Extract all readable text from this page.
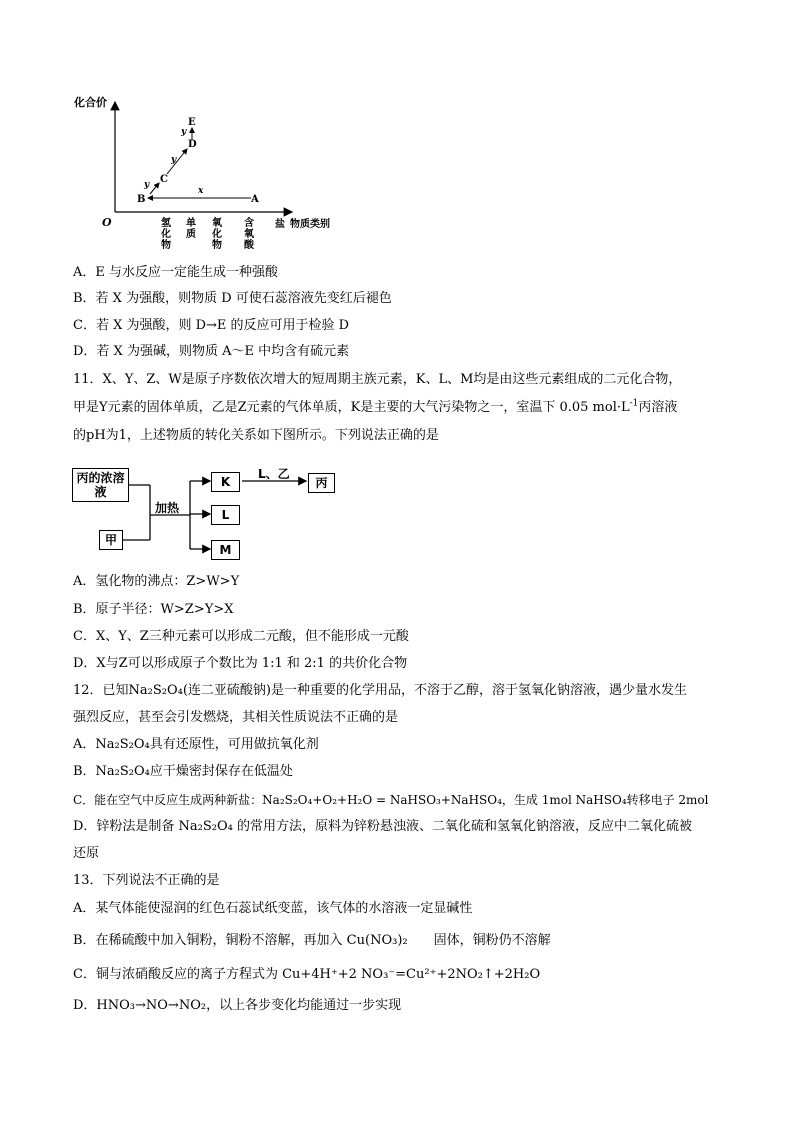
化合价
O	氢
化
物
单
质
氧
化
物
含
氧
酸
盐 物质类别
A
B
C
D
E
x
y
y
y
A．E 与水反应一定能生成一种强酸
B．若 X 为强酸，则物质 D 可使石蕊溶液先变红后褪色
C．若 X 为强酸，则 D→E 的反应可用于检验 D
D．若 X 为强碱，则物质 A～E 中均含有硫元素
11．X、Y、Z、W是原子序数依次增大的短周期主族元素，K、L、M均是由这些元素组成的二元化合物，
甲是Y元素的固体单质，乙是Z元素的气体单质，K是主要的大气污染物之一，室温下 0.05 $mol\cdot L^{-1}$丙溶液
的pH为1，上述物质的转化关系如下图所示。下列说法正确的是
丙的浓溶液
甲
加热
K
L
M
L、乙
丙
A．氢化物的沸点：Z>W>Y
B．原子半径：W>Z>Y>X
C．X、Y、Z三种元素可以形成二元酸，但不能形成一元酸
D．X与Z可以形成原子个数比为 1:1 和 2:1 的共价化合物
12．已知Na₂S₂O₄(连二亚硫酸钠)是一种重要的化学用品，不溶于乙醇，溶于氢氧化钠溶液，遇少量水发生
强烈反应，甚至会引发燃烧，其相关性质说法不正确的是
A．Na₂S₂O₄具有还原性，可用做抗氧化剂
B．Na₂S₂O₄应干燥密封保存在低温处
C．能在空气中反应生成两种新盐：Na₂S₂O₄+O₂+H₂O = NaHSO₃+NaHSO₄，生成 1mol NaHSO₄转移电子 2mol
D．锌粉法是制备 Na₂S₂O₄ 的常用方法，原料为锌粉悬浊液、二氧化硫和氢氧化钠溶液，反应中二氧化硫被
还原
13．下列说法不正确的是
A．某气体能使湿润的红色石蕊试纸变蓝，该气体的水溶液一定显碱性
B．在稀硫酸中加入铜粉，铜粉不溶解，再加入 Cu(NO₃)₂　　固体，铜粉仍不溶解
C．铜与浓硝酸反应的离子方程式为 Cu+4H⁺+2 NO₃⁻=Cu²⁺+2NO₂↑+2H₂O
D．HNO₃→NO→NO₂，以上各步变化均能通过一步实现
